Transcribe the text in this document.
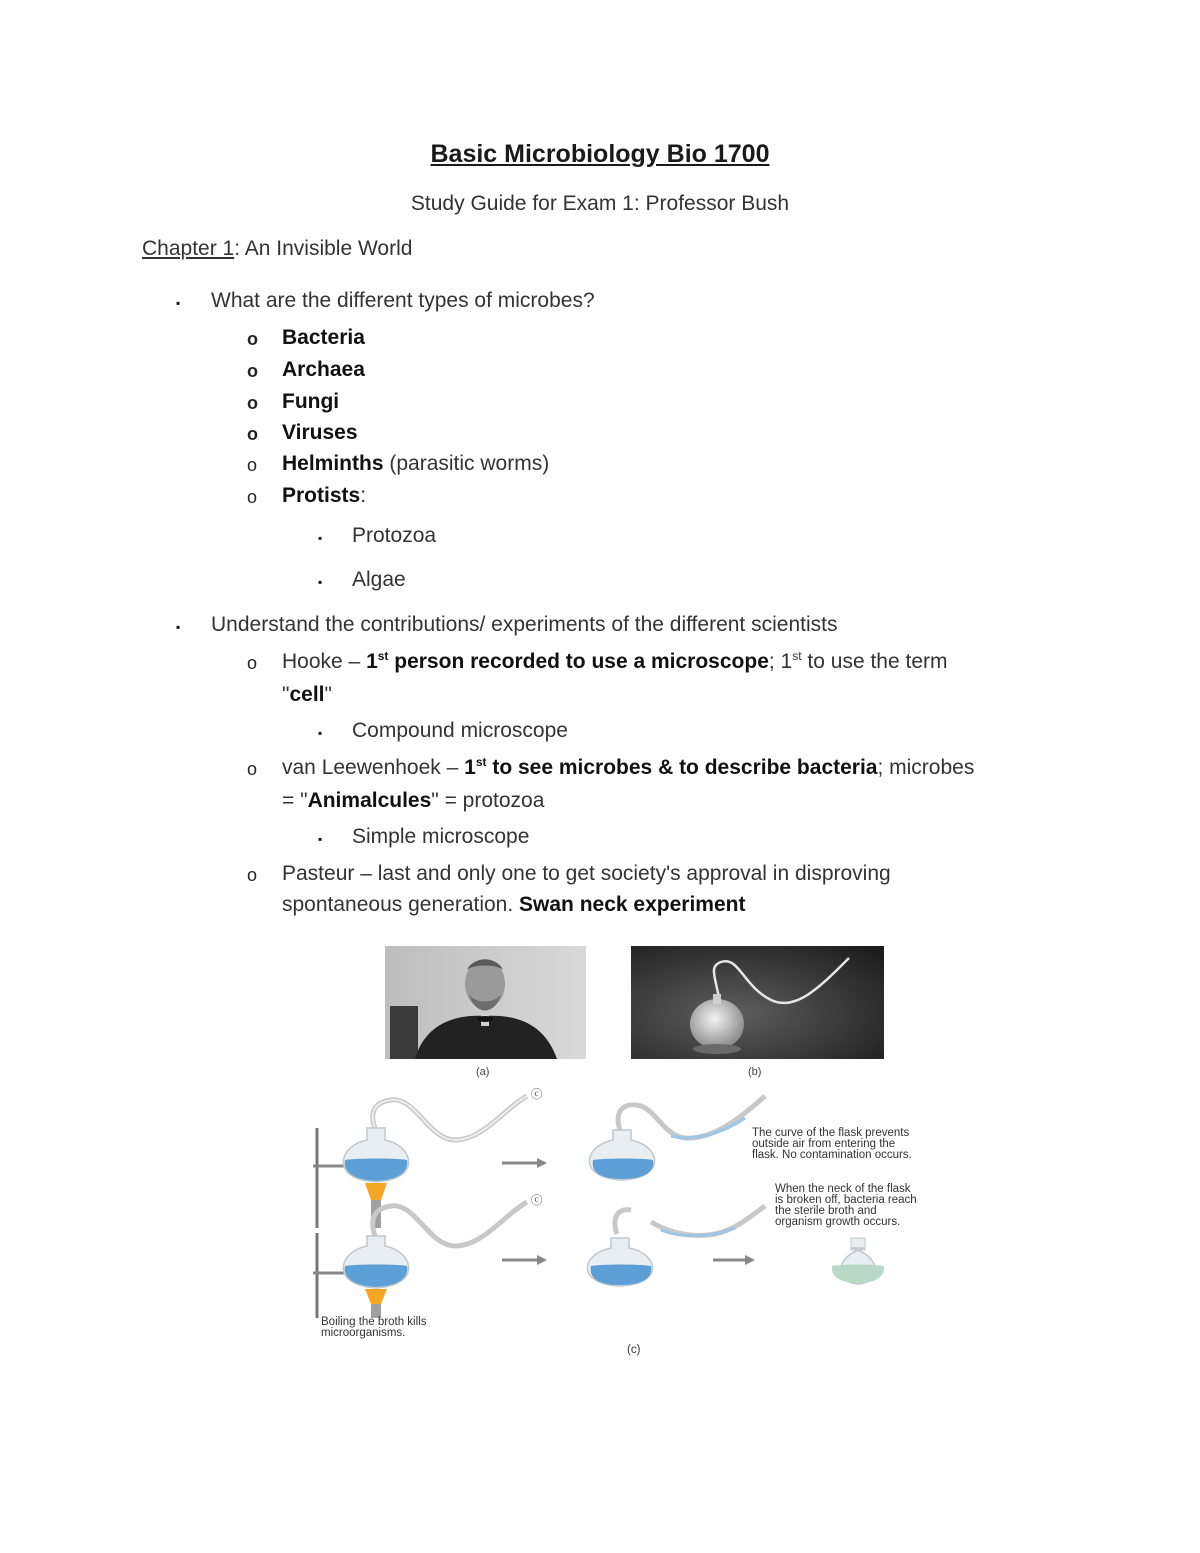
Basic Microbiology Bio 1700
Study Guide for Exam 1: Professor Bush
Chapter 1: An Invisible World
▪ What are the different types of microbes?
o Bacteria
o Archaea
o Fungi
o Viruses
o Helminths (parasitic worms)
o Protists:
▪ Protozoa
▪ Algae
▪ Understand the contributions/ experiments of the different scientists
o Hooke – 1st person recorded to use a microscope; 1st to use the term
"cell"
▪ Compound microscope
o van Leewenhoek – 1st to see microbes & to describe bacteria; microbes
= "Animalcules" = protozoa
▪ Simple microscope
o Pasteur – last and only one to get society's approval in disproving
spontaneous generation. Swan neck experiment
(a)	(b)
ⓒ
The curve of the flask prevents
outside air from entering the
flask. No contamination occurs.
ⓒ
When the neck of the flask
is broken off, bacteria reach
the sterile broth and
organism growth occurs.
Boiling the broth kills
microorganisms.
(c)
